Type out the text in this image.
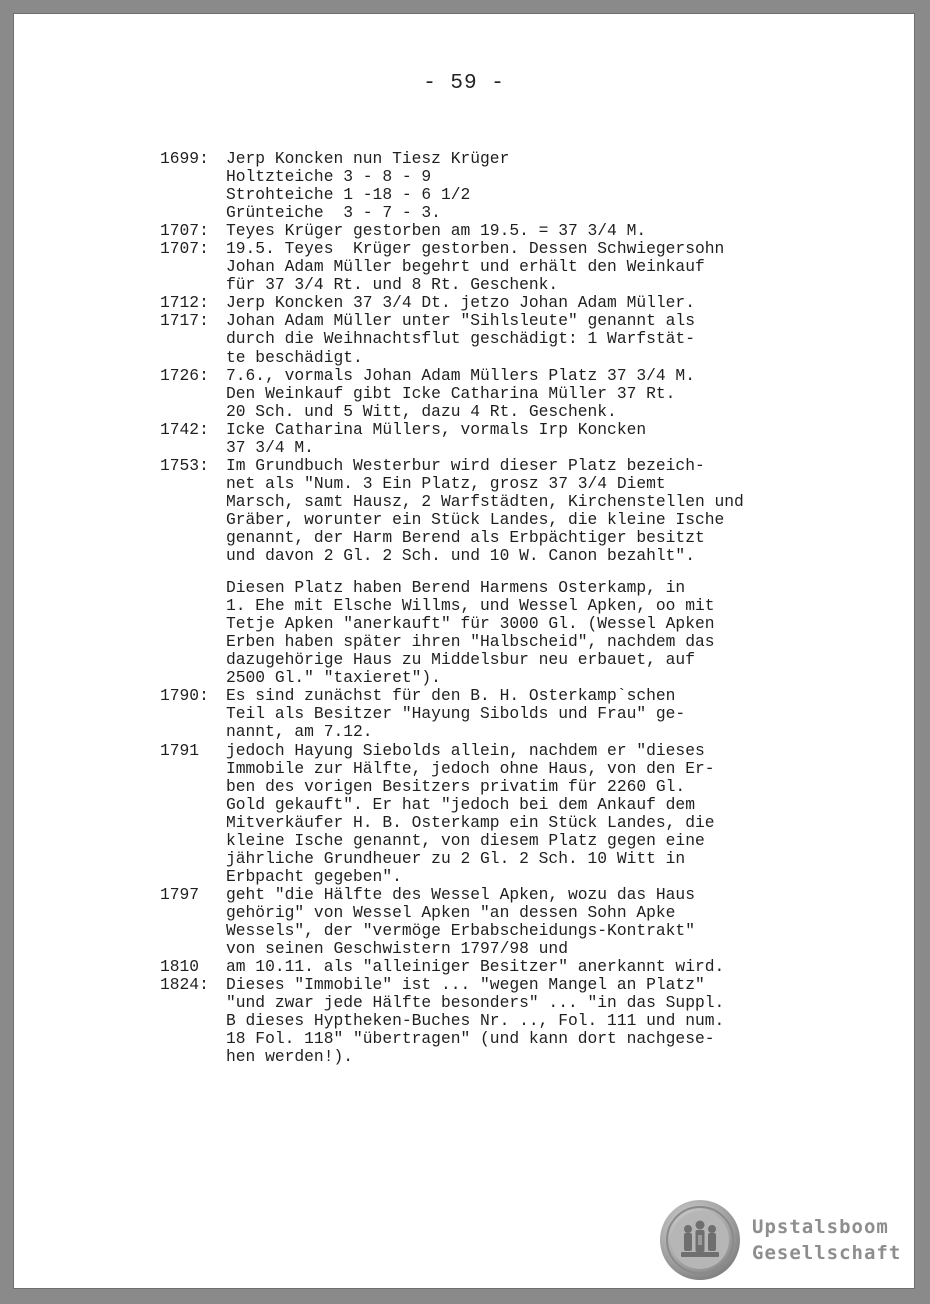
- 59 -
1699:	Jerp Koncken nun Tiesz Krüger
Holtzteiche 3 - 8 - 9
Strohteiche 1 -18 - 6 1/2
Grünteiche  3 - 7 - 3.
1707:	Teyes Krüger gestorben am 19.5. = 37 3/4 M.
1707:	19.5. Teyes  Krüger gestorben. Dessen Schwiegersohn
Johan Adam Müller begehrt und erhält den Weinkauf
für 37 3/4 Rt. und 8 Rt. Geschenk.
1712:	Jerp Koncken 37 3/4 Dt. jetzo Johan Adam Müller.
1717:	Johan Adam Müller unter "Sihlsleute" genannt als
durch die Weihnachtsflut geschädigt: 1 Warfstät-
te beschädigt.
1726:	7.6., vormals Johan Adam Müllers Platz 37 3/4 M.
Den Weinkauf gibt Icke Catharina Müller 37 Rt.
20 Sch. und 5 Witt, dazu 4 Rt. Geschenk.
1742:	Icke Catharina Müllers, vormals Irp Koncken
37 3/4 M.
1753:	Im Grundbuch Westerbur wird dieser Platz bezeich-
net als "Num. 3 Ein Platz, grosz 37 3/4 Diemt
Marsch, samt Hausz, 2 Warfstädten, Kirchenstellen und
Gräber, worunter ein Stück Landes, die kleine Ische
genannt, der Harm Berend als Erbpächtiger besitzt
und davon 2 Gl. 2 Sch. und 10 W. Canon bezahlt".
Diesen Platz haben Berend Harmens Osterkamp, in
1. Ehe mit Elsche Willms, und Wessel Apken, oo mit
Tetje Apken "anerkauft" für 3000 Gl. (Wessel Apken
Erben haben später ihren "Halbscheid", nachdem das
dazugehörige Haus zu Middelsbur neu erbauet, auf
2500 Gl." "taxieret").
1790:	Es sind zunächst für den B. H. Osterkamp`schen
Teil als Besitzer "Hayung Sibolds und Frau" ge-
nannt, am 7.12.
1791	jedoch Hayung Siebolds allein, nachdem er "dieses
Immobile zur Hälfte, jedoch ohne Haus, von den Er-
ben des vorigen Besitzers privatim für 2260 Gl.
Gold gekauft". Er hat "jedoch bei dem Ankauf dem
Mitverkäufer H. B. Osterkamp ein Stück Landes, die
kleine Ische genannt, von diesem Platz gegen eine
jährliche Grundheuer zu 2 Gl. 2 Sch. 10 Witt in
Erbpacht gegeben".
1797	geht "die Hälfte des Wessel Apken, wozu das Haus
gehörig" von Wessel Apken "an dessen Sohn Apke
Wessels", der "vermöge Erbabscheidungs-Kontrakt"
von seinen Geschwistern 1797/98 und
1810	am 10.11. als "alleiniger Besitzer" anerkannt wird.
1824:	Dieses "Immobile" ist ... "wegen Mangel an Platz"
"und zwar jede Hälfte besonders" ... "in das Suppl.
B dieses Hyptheken-Buches Nr. .., Fol. 111 und num.
18 Fol. 118" "übertragen" (und kann dort nachgese-
hen werden!).
Upstalsboom
Gesellschaft
